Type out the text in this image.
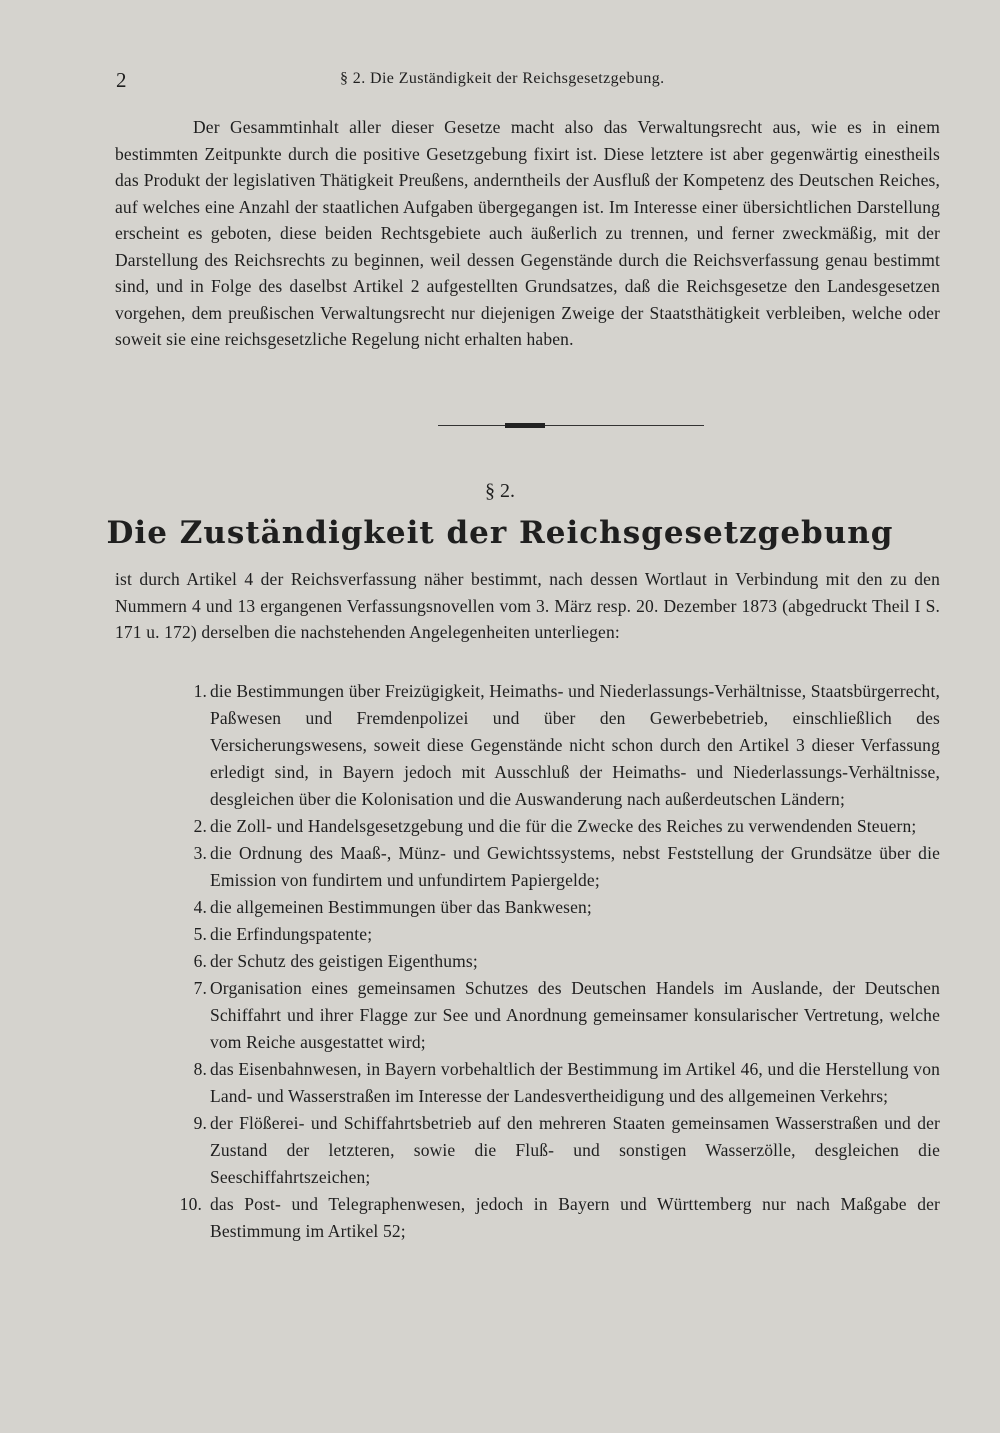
2	§ 2. Die Zuständigkeit der Reichsgesetzgebung.

Der Gesammtinhalt aller dieser Gesetze macht also das Verwaltungsrecht aus, wie es in einem bestimmten Zeitpunkte durch die positive Gesetzgebung fixirt ist. Diese letztere ist aber gegenwärtig einestheils das Produkt der legislativen Thätigkeit Preußens, anderntheils der Ausfluß der Kompetenz des Deutschen Reiches, auf welches eine Anzahl der staatlichen Aufgaben übergegangen ist. Im Interesse einer übersichtlichen Darstellung erscheint es geboten, diese beiden Rechtsgebiete auch äußerlich zu trennen, und ferner zweckmäßig, mit der Darstellung des Reichsrechts zu beginnen, weil dessen Gegenstände durch die Reichsverfassung genau bestimmt sind, und in Folge des daselbst Artikel 2 aufgestellten Grundsatzes, daß die Reichsgesetze den Landesgesetzen vorgehen, dem preußischen Verwaltungsrecht nur diejenigen Zweige der Staatsthätigkeit verbleiben, welche oder soweit sie eine reichsgesetzliche Regelung nicht erhalten haben.

§ 2.
Die Zuständigkeit der Reichsgesetzgebung

ist durch Artikel 4 der Reichsverfassung näher bestimmt, nach dessen Wortlaut in Verbindung mit den zu den Nummern 4 und 13 ergangenen Verfassungsnovellen vom 3. März resp. 20. Dezember 1873 (abgedruckt Theil I S. 171 u. 172) derselben die nachstehenden Angelegenheiten unterliegen:

1. die Bestimmungen über Freizügigkeit, Heimaths- und Niederlassungs-Verhältnisse, Staatsbürgerrecht, Paßwesen und Fremdenpolizei und über den Gewerbebetrieb, einschließlich des Versicherungswesens, soweit diese Gegenstände nicht schon durch den Artikel 3 dieser Verfassung erledigt sind, in Bayern jedoch mit Ausschluß der Heimaths- und Niederlassungs-Verhältnisse, desgleichen über die Kolonisation und die Auswanderung nach außerdeutschen Ländern;
2. die Zoll- und Handelsgesetzgebung und die für die Zwecke des Reiches zu verwendenden Steuern;
3. die Ordnung des Maaß-, Münz- und Gewichtssystems, nebst Feststellung der Grundsätze über die Emission von fundirtem und unfundirtem Papiergelde;
4. die allgemeinen Bestimmungen über das Bankwesen;
5. die Erfindungspatente;
6. der Schutz des geistigen Eigenthums;
7. Organisation eines gemeinsamen Schutzes des Deutschen Handels im Auslande, der Deutschen Schiffahrt und ihrer Flagge zur See und Anordnung gemeinsamer konsularischer Vertretung, welche vom Reiche ausgestattet wird;
8. das Eisenbahnwesen, in Bayern vorbehaltlich der Bestimmung im Artikel 46, und die Herstellung von Land- und Wasserstraßen im Interesse der Landesvertheidigung und des allgemeinen Verkehrs;
9. der Flößerei- und Schiffahrtsbetrieb auf den mehreren Staaten gemeinsamen Wasserstraßen und der Zustand der letzteren, sowie die Fluß- und sonstigen Wasserzölle, desgleichen die Seeschiffahrtszeichen;
10. das Post- und Telegraphenwesen, jedoch in Bayern und Württemberg nur nach Maßgabe der Bestimmung im Artikel 52;
